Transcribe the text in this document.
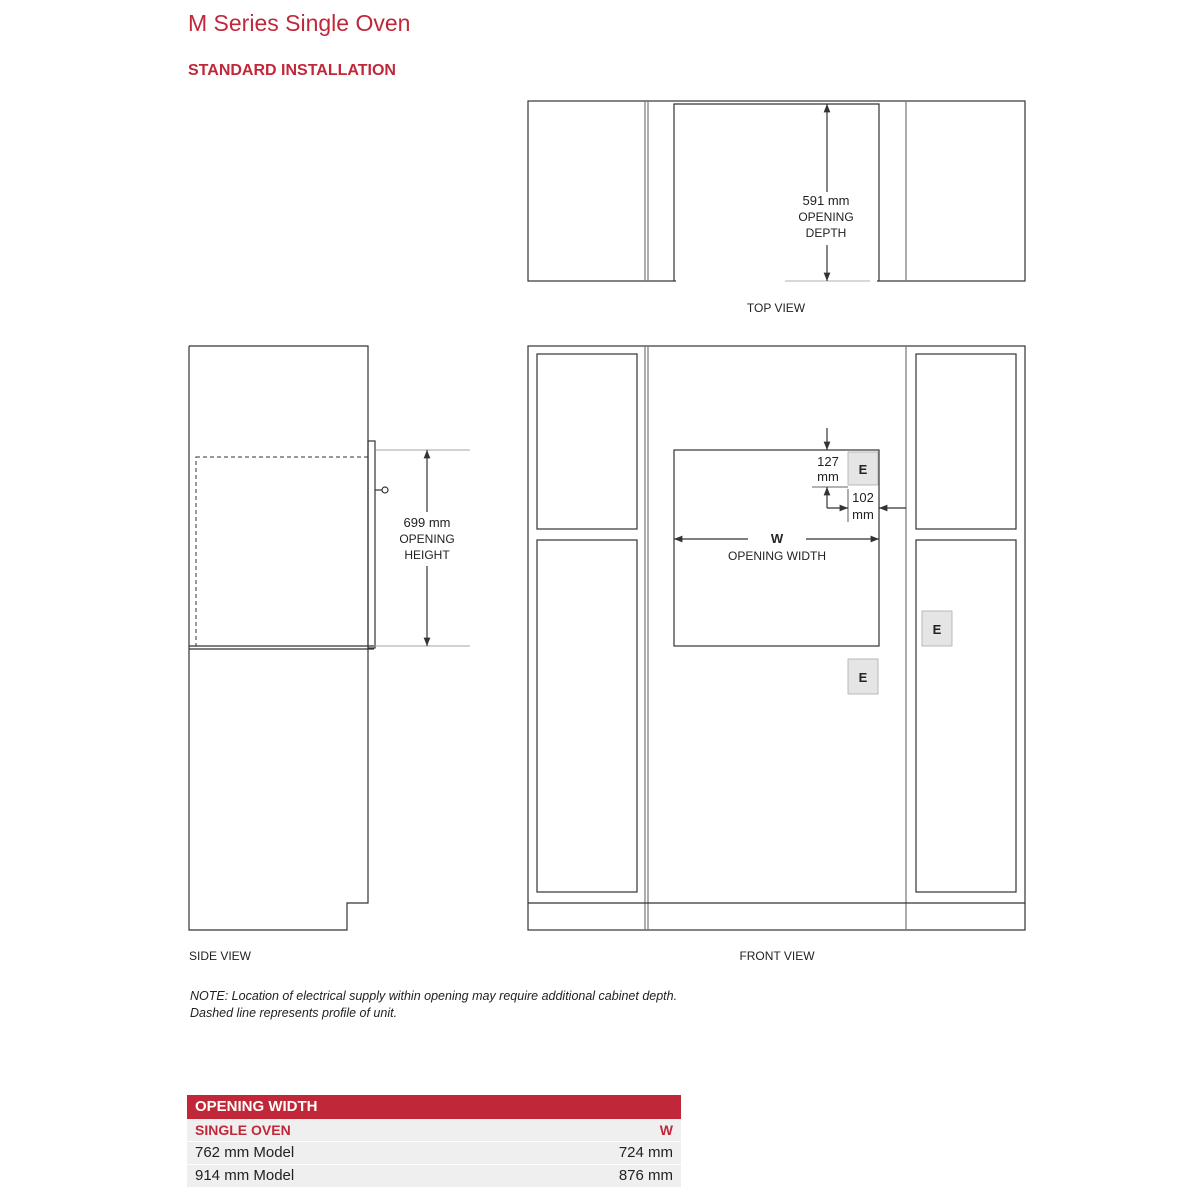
M Series Single Oven
STANDARD INSTALLATION
591 mm
OPENING
DEPTH
TOP VIEW
699 mm
OPENING
HEIGHT
SIDE VIEW
E
E
E
127
mm
102
mm
W
OPENING WIDTH
FRONT VIEW
NOTE: Location of electrical supply within opening may require additional cabinet depth.
Dashed line represents profile of unit.
OPENING WIDTH
SINGLE OVEN	W
762 mm Model	724 mm
914 mm Model	876 mm
